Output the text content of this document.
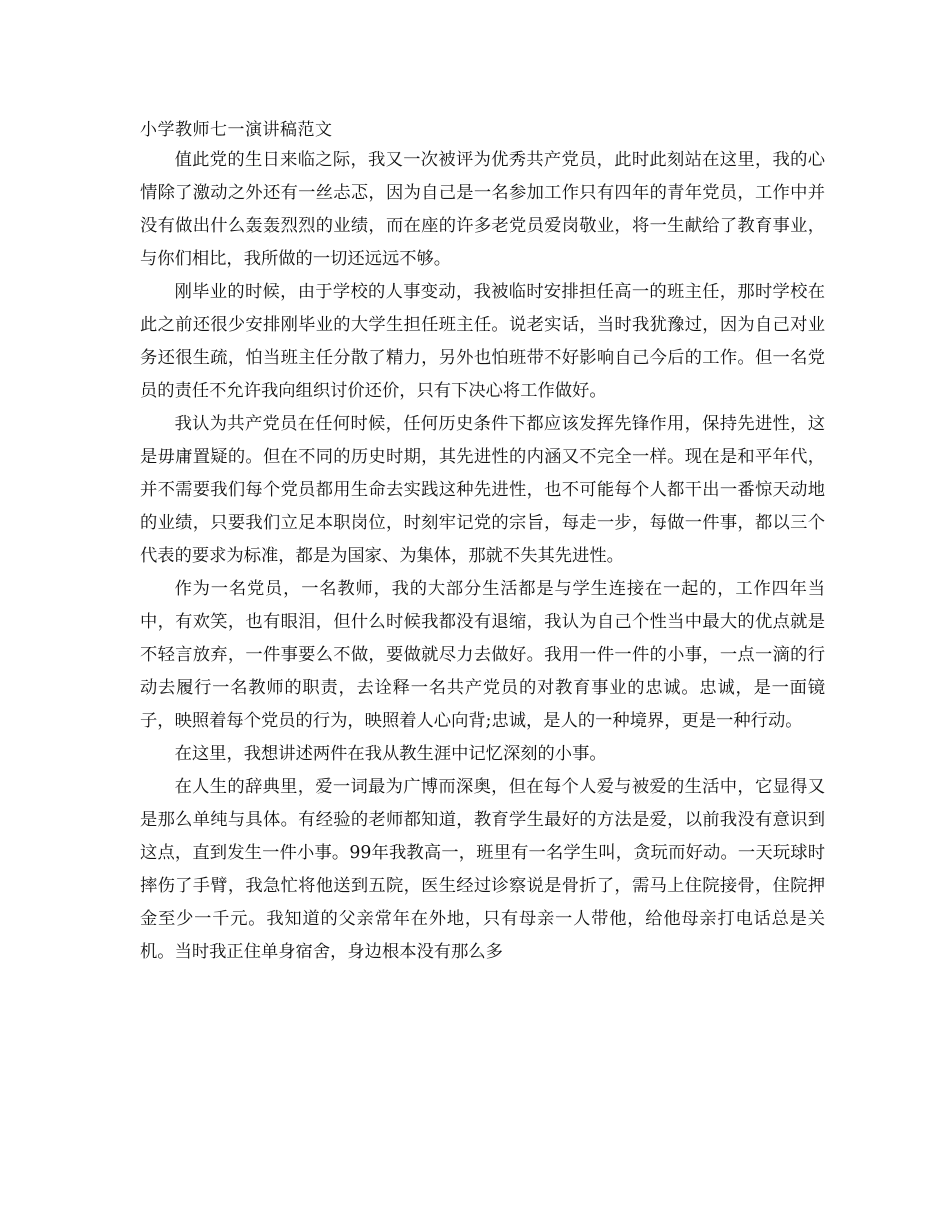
小学教师七一演讲稿范文

值此党的生日来临之际，我又一次被评为优秀共产党员，此时此刻站在这里，我的心情除了激动之外还有一丝忐忑，因为自己是一名参加工作只有四年的青年党员，工作中并没有做出什么轰轰烈烈的业绩，而在座的许多老党员爱岗敬业，将一生献给了教育事业，与你们相比，我所做的一切还远远不够。

刚毕业的时候，由于学校的人事变动，我被临时安排担任高一的班主任，那时学校在此之前还很少安排刚毕业的大学生担任班主任。说老实话，当时我犹豫过，因为自己对业务还很生疏，怕当班主任分散了精力，另外也怕班带不好影响自己今后的工作。但一名党员的责任不允许我向组织讨价还价，只有下决心将工作做好。

我认为共产党员在任何时候，任何历史条件下都应该发挥先锋作用，保持先进性，这是毋庸置疑的。但在不同的历史时期，其先进性的内涵又不完全一样。现在是和平年代，并不需要我们每个党员都用生命去实践这种先进性，也不可能每个人都干出一番惊天动地的业绩，只要我们立足本职岗位，时刻牢记党的宗旨，每走一步，每做一件事，都以三个代表的要求为标准，都是为国家、为集体，那就不失其先进性。

作为一名党员，一名教师，我的大部分生活都是与学生连接在一起的，工作四年当中，有欢笑，也有眼泪，但什么时候我都没有退缩，我认为自己个性当中最大的优点就是不轻言放弃，一件事要么不做，要做就尽力去做好。我用一件一件的小事，一点一滴的行动去履行一名教师的职责，去诠释一名共产党员的对教育事业的忠诚。忠诚，是一面镜子，映照着每个党员的行为，映照着人心向背;忠诚，是人的一种境界，更是一种行动。

在这里，我想讲述两件在我从教生涯中记忆深刻的小事。

在人生的辞典里，爱一词最为广博而深奥，但在每个人爱与被爱的生活中，它显得又是那么单纯与具体。有经验的老师都知道，教育学生最好的方法是爱，以前我没有意识到这点，直到发生一件小事。99年我教高一，班里有一名学生叫，贪玩而好动。一天玩球时摔伤了手臂，我急忙将他送到五院，医生经过诊察说是骨折了，需马上住院接骨，住院押金至少一千元。我知道的父亲常年在外地，只有母亲一人带他，给他母亲打电话总是关机。当时我正住单身宿舍，身边根本没有那么多
